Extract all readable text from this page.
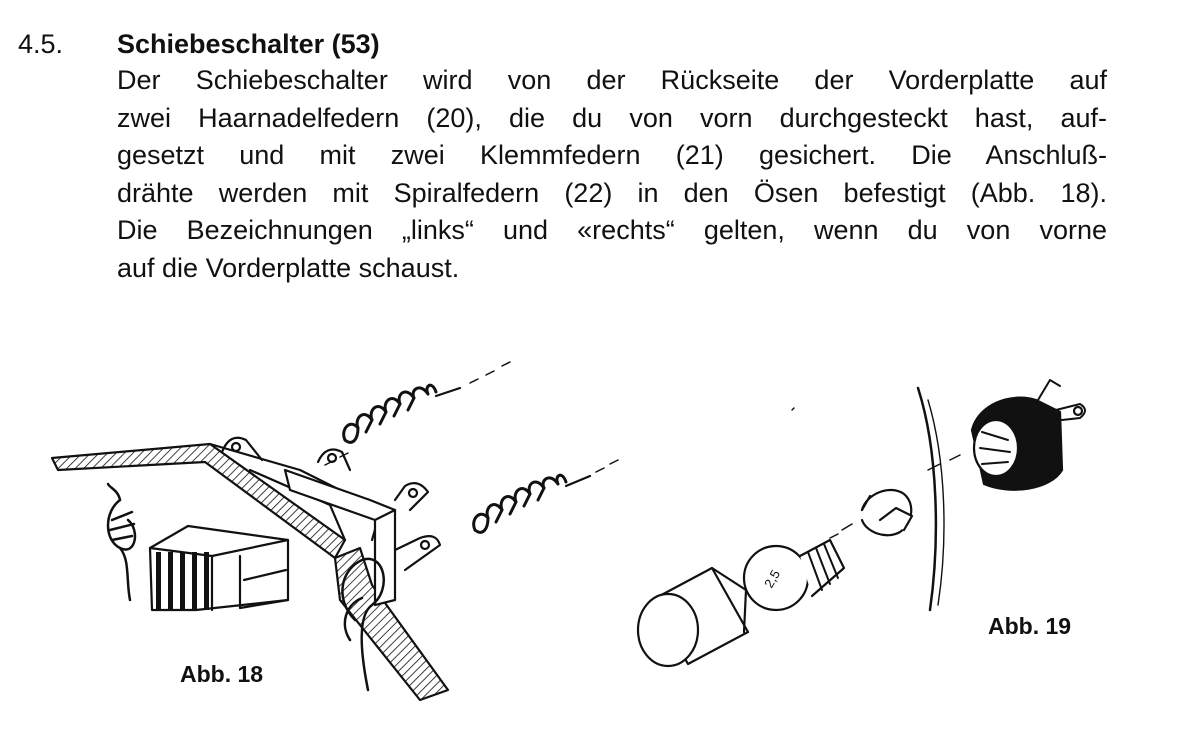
4.5. Schiebeschalter (53)
Der Schiebeschalter wird von der Rückseite der Vorderplatte auf
zwei Haarnadelfedern (20), die du von vorn durchgesteckt hast, auf-
gesetzt und mit zwei Klemmfedern (21) gesichert. Die Anschluß-
drähte werden mit Spiralfedern (22) in den Ösen befestigt (Abb. 18).
Die Bezeichnungen „links“ und «rechts“ gelten, wenn du von vorne
auf die Vorderplatte schaust.
2,5
Abb. 18
Abb. 19
